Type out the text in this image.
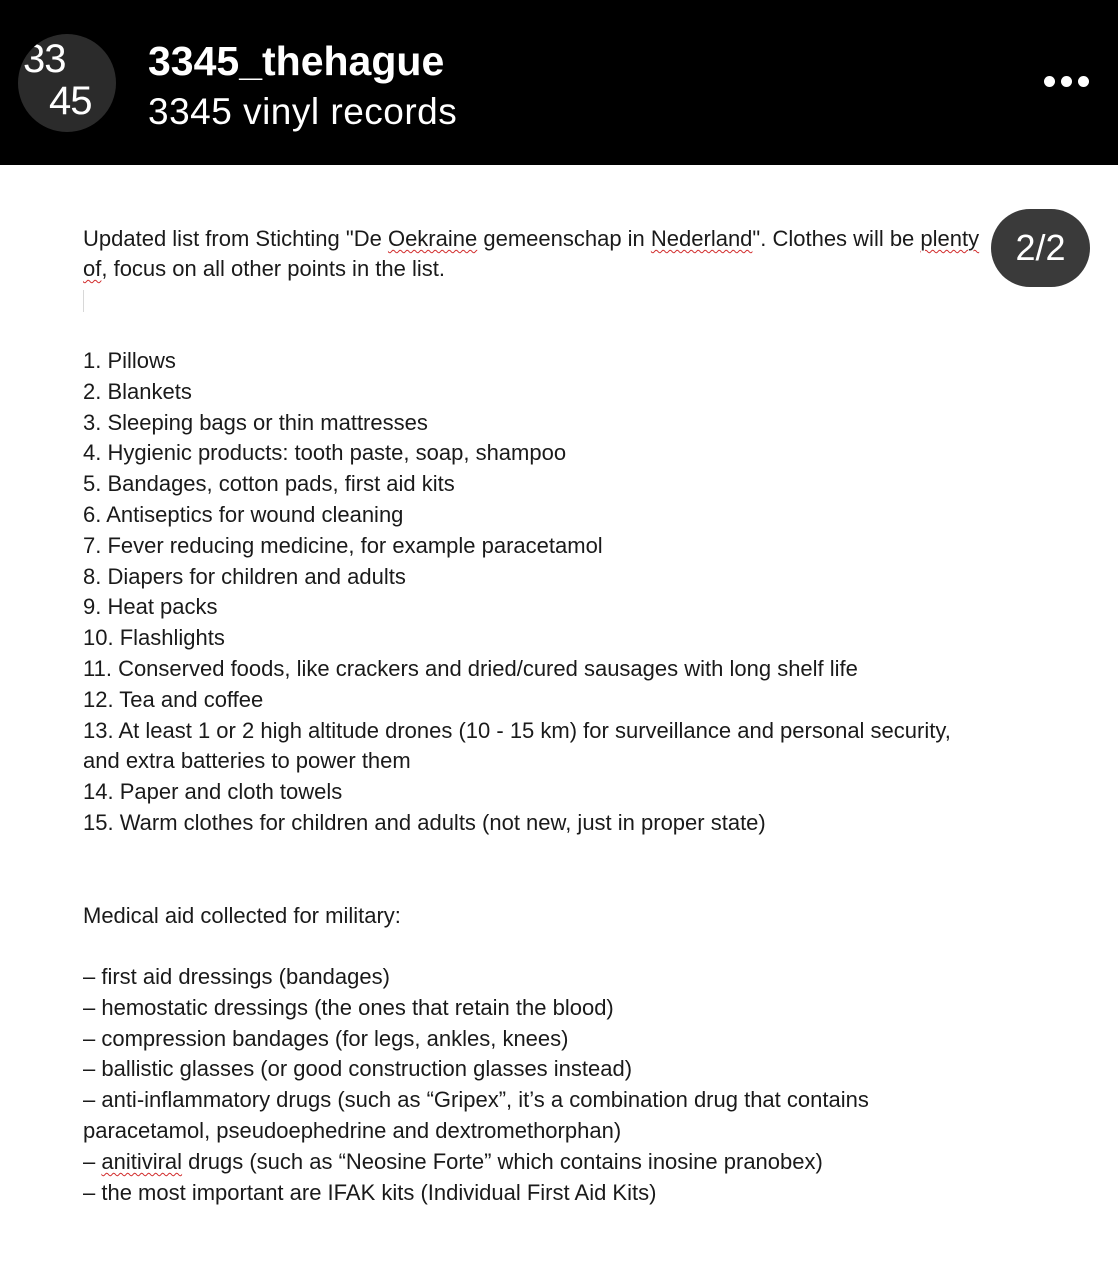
33
45
3345_thehague
3345 vinyl records
2/2
Updated list from Stichting "De Oekraine gemeenschap in Nederland". Clothes will be plenty
of, focus on all other points in the list.
1. Pillows
2. Blankets
3. Sleeping bags or thin mattresses
4. Hygienic products: tooth paste, soap, shampoo
5. Bandages, cotton pads, first aid kits
6. Antiseptics for wound cleaning
7. Fever reducing medicine, for example paracetamol
8. Diapers for children and adults
9. Heat packs
10. Flashlights
11. Conserved foods, like crackers and dried/cured sausages with long shelf life
12. Tea and coffee
13. At least 1 or 2 high altitude drones (10 - 15 km) for surveillance and personal security,
and extra batteries to power them
14. Paper and cloth towels
15. Warm clothes for children and adults (not new, just in proper state)
Medical aid collected for military:
– first aid dressings (bandages)
– hemostatic dressings (the ones that retain the blood)
– compression bandages (for legs, ankles, knees)
– ballistic glasses (or good construction glasses instead)
– anti-inflammatory drugs (such as “Gripex”, it’s a combination drug that contains
paracetamol, pseudoephedrine and dextromethorphan)
– anitiviral drugs (such as “Neosine Forte” which contains inosine pranobex)
– the most important are IFAK kits (Individual First Aid Kits)
